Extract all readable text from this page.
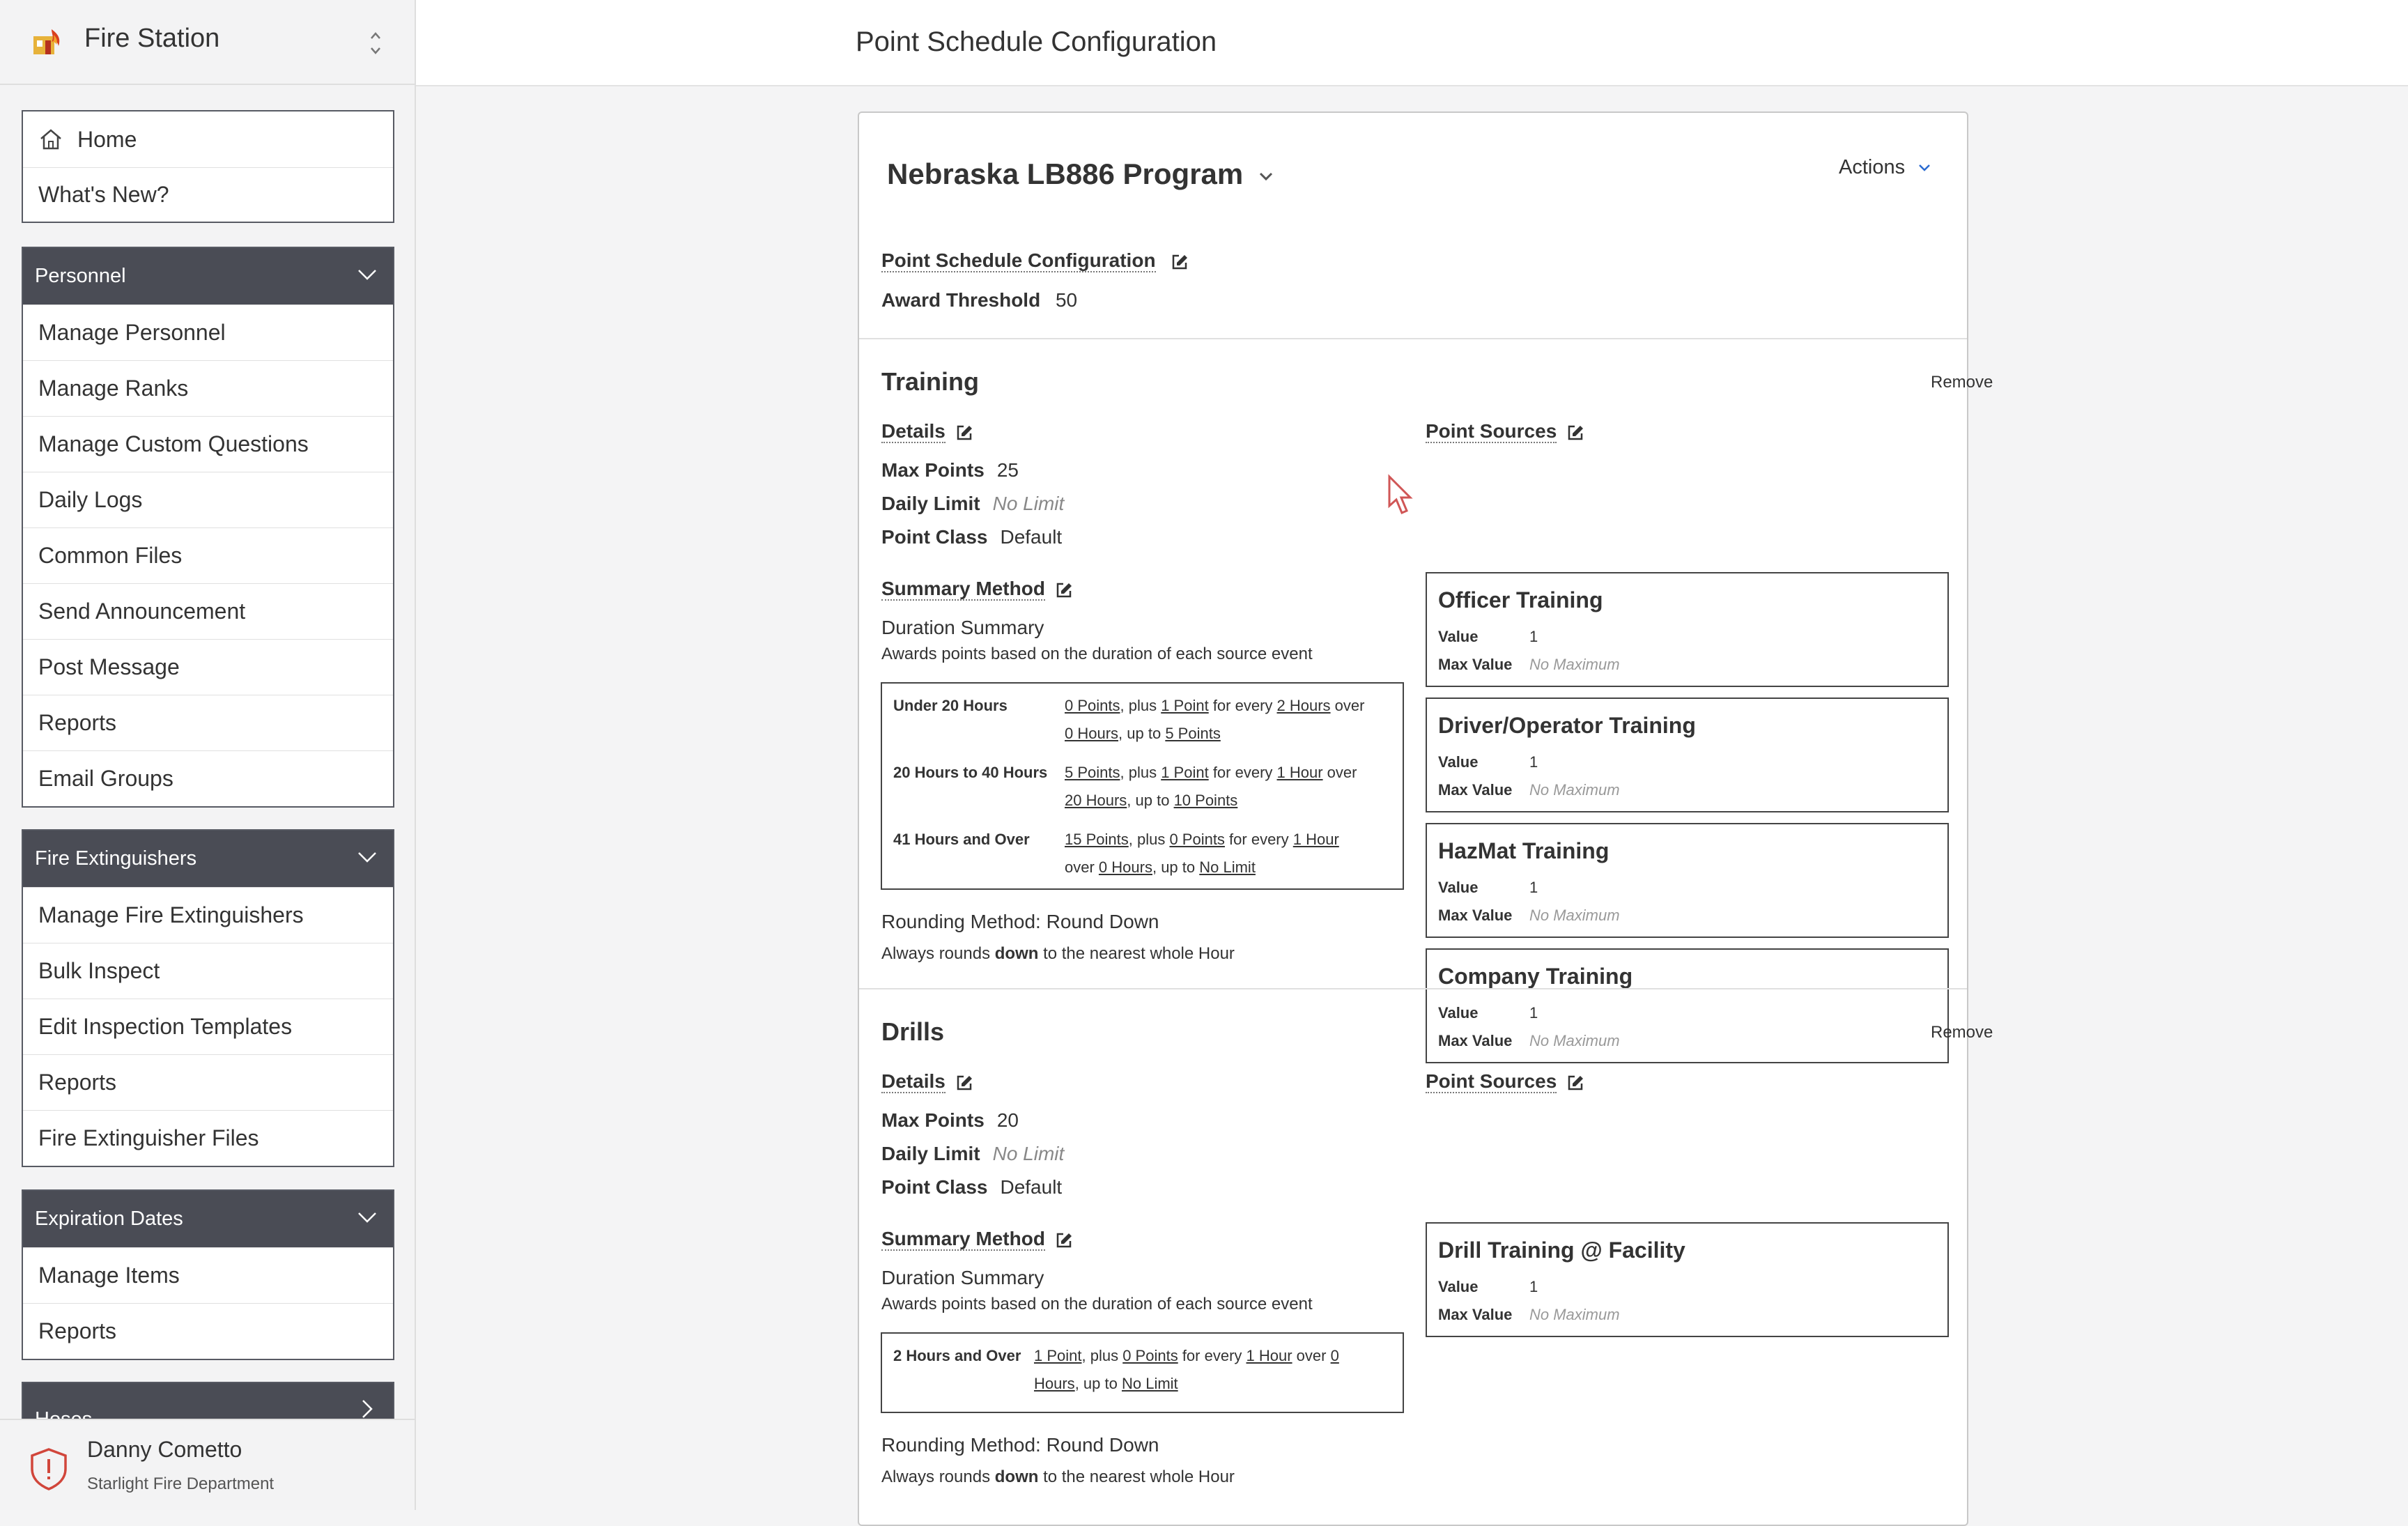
Fire Station
Home
What's New?
Personnel
Manage Personnel
Manage Ranks
Manage Custom Questions
Daily Logs
Common Files
Send Announcement
Post Message
Reports
Email Groups
Fire Extinguishers
Manage Fire Extinguishers
Bulk Inspect
Edit Inspection Templates
Reports
Fire Extinguisher Files
Expiration Dates
Manage Items
Reports
Danny Cometto
Starlight Fire Department
Point Schedule Configuration
Nebraska LB886 Program	Actions
Point Schedule Configuration
Award Threshold 50
Training	Remove
Details
Max Points 25
Daily Limit No Limit
Point Class Default
Summary Method
Duration Summary
Awards points based on the duration of each source event
Under 20 Hours	0 Points, plus 1 Point for every 2 Hours over
0 Hours, up to 5 Points
20 Hours to 40 Hours 5 Points, plus 1 Point for every 1 Hour over
20 Hours, up to 10 Points
41 Hours and Over 15 Points, plus 0 Points for every 1 Hour
over 0 Hours, up to No Limit
Rounding Method: Round Down
Always rounds down to the nearest whole Hour
Point Sources
Officer Training
Value	1
Max Value No Maximum
Driver/Operator Training
Value	1
Max Value No Maximum
HazMat Training
Value	1
Max Value No Maximum
Company Training
Value	1
Max Value No Maximum
Drills	Remove
Details
Max Points 20
Daily Limit No Limit
Point Class Default
Summary Method
Duration Summary
Awards points based on the duration of each source event
2 Hours and Over 1 Point, plus 0 Points for every 1 Hour over 0
Hours, up to No Limit
Rounding Method: Round Down
Always rounds down to the nearest whole Hour
Point Sources
Drill Training @ Facility
Value	1
Max Value No Maximum
